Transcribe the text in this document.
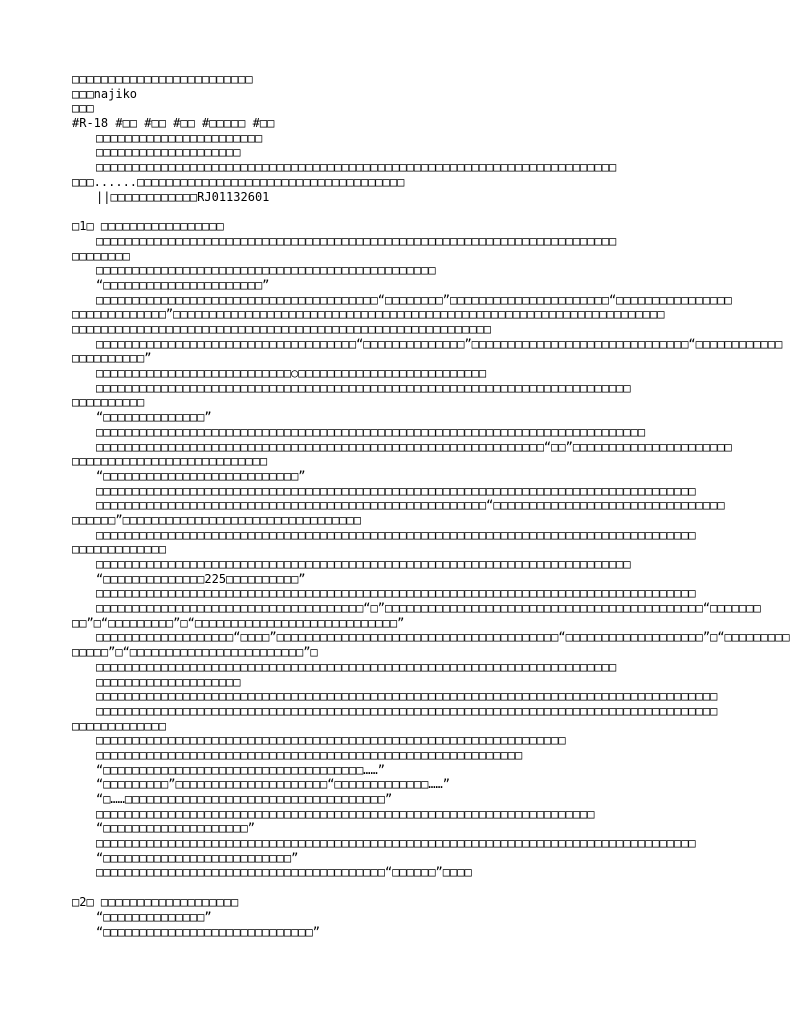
□□□□□□□□□□□□□□□□□□□□□□□□□
□□□najiko
□□□
#R-18 #□□ #□□ #□□ #□□□□□ #□□
□□□□□□□□□□□□□□□□□□□□□□□
□□□□□□□□□□□□□□□□□□□□
□□□□□□□□□□□□□□□□□□□□□□□□□□□□□□□□□□□□□□□□□□□□□□□□□□□□□□□□□□□□□□□□□□□□□□□□
□□□......□□□□□□□□□□□□□□□□□□□□□□□□□□□□□□□□□□□□□
||□□□□□□□□□□□□RJ01132601
□1□ □□□□□□□□□□□□□□□□□
□□□□□□□□□□□□□□□□□□□□□□□□□□□□□□□□□□□□□□□□□□□□□□□□□□□□□□□□□□□□□□□□□□□□□□□□
□□□□□□□□
□□□□□□□□□□□□□□□□□□□□□□□□□□□□□□□□□□□□□□□□□□□□□□□
“□□□□□□□□□□□□□□□□□□□□□□”
□□□□□□□□□□□□□□□□□□□□□□□□□□□□□□□□□□□□□□□“□□□□□□□□”□□□□□□□□□□□□□□□□□□□□□□“□□□□□□□□□□□□□□□□
□□□□□□□□□□□□□”□□□□□□□□□□□□□□□□□□□□□□□□□□□□□□□□□□□□□□□□□□□□□□□□□□□□□□□□□□□□□□□□□□□□
□□□□□□□□□□□□□□□□□□□□□□□□□□□□□□□□□□□□□□□□□□□□□□□□□□□□□□□□□□
□□□□□□□□□□□□□□□□□□□□□□□□□□□□□□□□□□□□“□□□□□□□□□□□□□□”□□□□□□□□□□□□□□□□□□□□□□□□□□□□□□“□□□□□□□□□□□□
□□□□□□□□□□”
□□□□□□□□□□□□□□□□□□□□□□□□□□□○□□□□□□□□□□□□□□□□□□□□□□□□□□
□□□□□□□□□□□□□□□□□□□□□□□□□□□□□□□□□□□□□□□□□□□□□□□□□□□□□□□□□□□□□□□□□□□□□□□□□□
□□□□□□□□□□
“□□□□□□□□□□□□□□”
□□□□□□□□□□□□□□□□□□□□□□□□□□□□□□□□□□□□□□□□□□□□□□□□□□□□□□□□□□□□□□□□□□□□□□□□□□□□
□□□□□□□□□□□□□□□□□□□□□□□□□□□□□□□□□□□□□□□□□□□□□□□□□□□□□□□□□□□□□□“□□”□□□□□□□□□□□□□□□□□□□□□□
□□□□□□□□□□□□□□□□□□□□□□□□□□□
“□□□□□□□□□□□□□□□□□□□□□□□□□□□”
□□□□□□□□□□□□□□□□□□□□□□□□□□□□□□□□□□□□□□□□□□□□□□□□□□□□□□□□□□□□□□□□□□□□□□□□□□□□□□□□□□□
□□□□□□□□□□□□□□□□□□□□□□□□□□□□□□□□□□□□□□□□□□□□□□□□□□□□□□“□□□□□□□□□□□□□□□□□□□□□□□□□□□□□□□□
□□□□□□”□□□□□□□□□□□□□□□□□□□□□□□□□□□□□□□□□
□□□□□□□□□□□□□□□□□□□□□□□□□□□□□□□□□□□□□□□□□□□□□□□□□□□□□□□□□□□□□□□□□□□□□□□□□□□□□□□□□□□
□□□□□□□□□□□□□
□□□□□□□□□□□□□□□□□□□□□□□□□□□□□□□□□□□□□□□□□□□□□□□□□□□□□□□□□□□□□□□□□□□□□□□□□□
“□□□□□□□□□□□□□□225□□□□□□□□□□”
□□□□□□□□□□□□□□□□□□□□□□□□□□□□□□□□□□□□□□□□□□□□□□□□□□□□□□□□□□□□□□□□□□□□□□□□□□□□□□□□□□□
□□□□□□□□□□□□□□□□□□□□□□□□□□□□□□□□□□□□□“□”□□□□□□□□□□□□□□□□□□□□□□□□□□□□□□□□□□□□□□□□□□□□“□□□□□□□
□□”□“□□□□□□□□□”□“□□□□□□□□□□□□□□□□□□□□□□□□□□□□”
□□□□□□□□□□□□□□□□□□□“□□□□”□□□□□□□□□□□□□□□□□□□□□□□□□□□□□□□□□□□□□□□“□□□□□□□□□□□□□□□□□□□”□“□□□□□□□□□
□□□□□”□“□□□□□□□□□□□□□□□□□□□□□□□□”□
□□□□□□□□□□□□□□□□□□□□□□□□□□□□□□□□□□□□□□□□□□□□□□□□□□□□□□□□□□□□□□□□□□□□□□□□
□□□□□□□□□□□□□□□□□□□□
□□□□□□□□□□□□□□□□□□□□□□□□□□□□□□□□□□□□□□□□□□□□□□□□□□□□□□□□□□□□□□□□□□□□□□□□□□□□□□□□□□□□□□
□□□□□□□□□□□□□□□□□□□□□□□□□□□□□□□□□□□□□□□□□□□□□□□□□□□□□□□□□□□□□□□□□□□□□□□□□□□□□□□□□□□□□□
□□□□□□□□□□□□□
□□□□□□□□□□□□□□□□□□□□□□□□□□□□□□□□□□□□□□□□□□□□□□□□□□□□□□□□□□□□□□□□□
□□□□□□□□□□□□□□□□□□□□□□□□□□□□□□□□□□□□□□□□□□□□□□□□□□□□□□□□□□□
“□□□□□□□□□□□□□□□□□□□□□□□□□□□□□□□□□□□□……”
“□□□□□□□□□”□□□□□□□□□□□□□□□□□□□□□“□□□□□□□□□□□□□……”
“□……□□□□□□□□□□□□□□□□□□□□□□□□□□□□□□□□□□□□”
□□□□□□□□□□□□□□□□□□□□□□□□□□□□□□□□□□□□□□□□□□□□□□□□□□□□□□□□□□□□□□□□□□□□□
“□□□□□□□□□□□□□□□□□□□□”
□□□□□□□□□□□□□□□□□□□□□□□□□□□□□□□□□□□□□□□□□□□□□□□□□□□□□□□□□□□□□□□□□□□□□□□□□□□□□□□□□□□
“□□□□□□□□□□□□□□□□□□□□□□□□□□”
□□□□□□□□□□□□□□□□□□□□□□□□□□□□□□□□□□□□□□□□“□□□□□□”□□□□
□2□ □□□□□□□□□□□□□□□□□□□
“□□□□□□□□□□□□□□”
“□□□□□□□□□□□□□□□□□□□□□□□□□□□□□”
